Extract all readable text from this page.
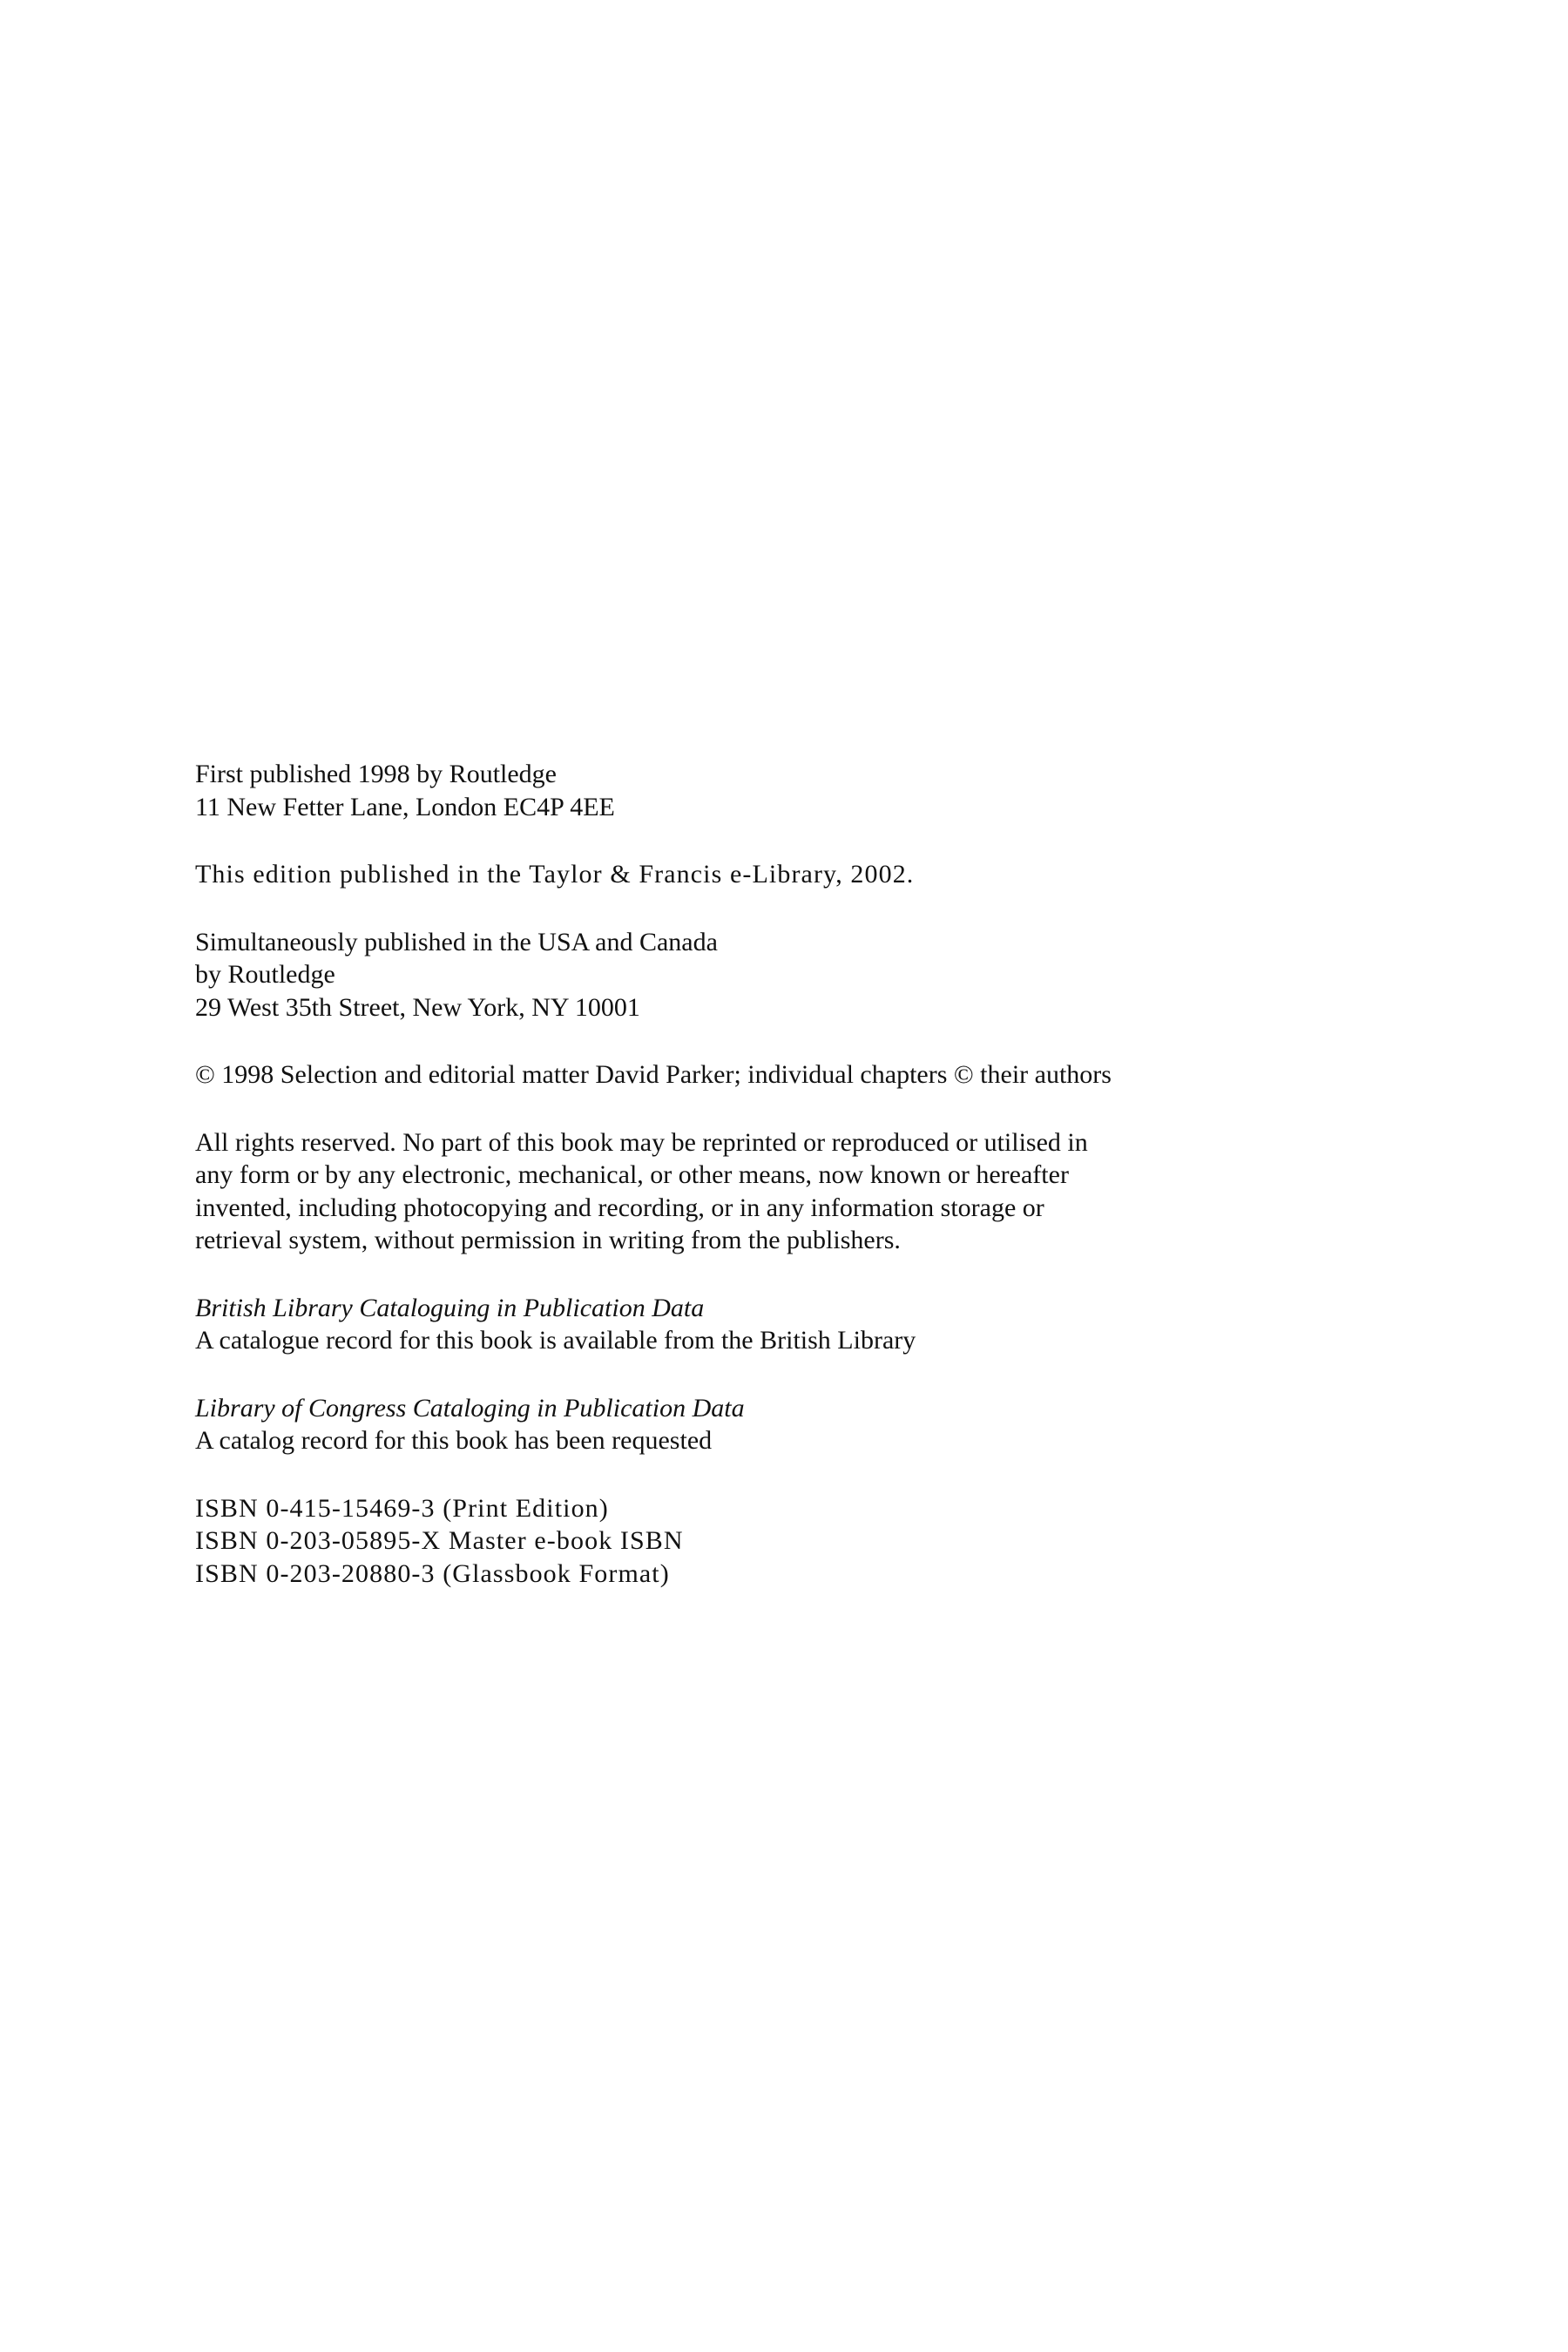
First published 1998 by Routledge
11 New Fetter Lane, London EC4P 4EE

This edition published in the Taylor & Francis e-Library, 2002.

Simultaneously published in the USA and Canada
by Routledge
29 West 35th Street, New York, NY 10001

© 1998 Selection and editorial matter David Parker; individual chapters © their authors

All rights reserved. No part of this book may be reprinted or reproduced or utilised in
any form or by any electronic, mechanical, or other means, now known or hereafter
invented, including photocopying and recording, or in any information storage or
retrieval system, without permission in writing from the publishers.

British Library Cataloguing in Publication Data
A catalogue record for this book is available from the British Library

Library of Congress Cataloging in Publication Data
A catalog record for this book has been requested

ISBN 0-415-15469-3 (Print Edition)
ISBN 0-203-05895-X Master e-book ISBN
ISBN 0-203-20880-3 (Glassbook Format)
